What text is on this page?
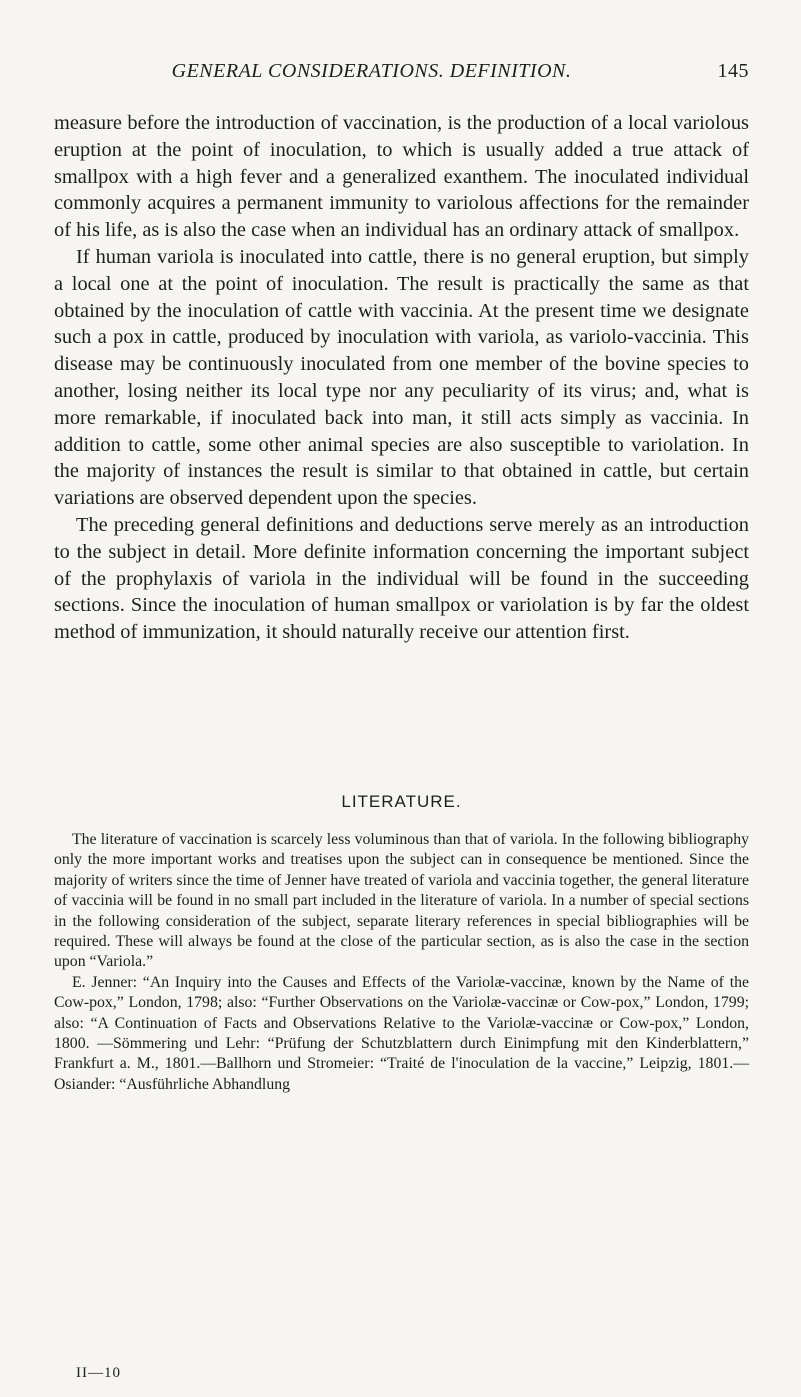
GENERAL CONSIDERATIONS. DEFINITION.	145

measure before the introduction of vaccination, is the production of a local variolous eruption at the point of inoculation, to which is usually added a true attack of smallpox with a high fever and a generalized exanthem. The inoculated individual commonly acquires a permanent immunity to variolous affections for the remainder of his life, as is also the case when an individual has an ordinary attack of smallpox.

If human variola is inoculated into cattle, there is no general eruption, but simply a local one at the point of inoculation. The result is practically the same as that obtained by the inoculation of cattle with vaccinia. At the present time we designate such a pox in cattle, produced by inoculation with variola, as variolo-vaccinia. This disease may be continuously inoculated from one member of the bovine species to another, losing neither its local type nor any peculiarity of its virus; and, what is more remarkable, if inoculated back into man, it still acts simply as vaccinia. In addition to cattle, some other animal species are also susceptible to variolation. In the majority of instances the result is similar to that obtained in cattle, but certain variations are observed dependent upon the species.

The preceding general definitions and deductions serve merely as an introduction to the subject in detail. More definite information concerning the important subject of the prophylaxis of variola in the individual will be found in the succeeding sections. Since the inoculation of human smallpox or variolation is by far the oldest method of immunization, it should naturally receive our attention first.

LITERATURE.

The literature of vaccination is scarcely less voluminous than that of variola. In the following bibliography only the more important works and treatises upon the subject can in consequence be mentioned. Since the majority of writers since the time of Jenner have treated of variola and vaccinia together, the general literature of vaccinia will be found in no small part included in the literature of variola. In a number of special sections in the following consideration of the subject, separate literary references in special bibliographies will be required. These will always be found at the close of the particular section, as is also the case in the section upon “Variola.”

E. Jenner: “An Inquiry into the Causes and Effects of the Variolæ-vaccinæ, known by the Name of the Cow-pox,” London, 1798; also: “Further Observations on the Variolæ-vaccinæ or Cow-pox,” London, 1799; also: “A Continuation of Facts and Observations Relative to the Variolæ-vaccinæ or Cow-pox,” London, 1800. —Sömmering und Lehr: “Prüfung der Schutzblattern durch Einimpfung mit den Kinderblattern,” Frankfurt a. M., 1801.—Ballhorn und Stromeier: “Traité de l'inoculation de la vaccine,” Leipzig, 1801.—Osiander: “Ausführliche Abhandlung

II—10
